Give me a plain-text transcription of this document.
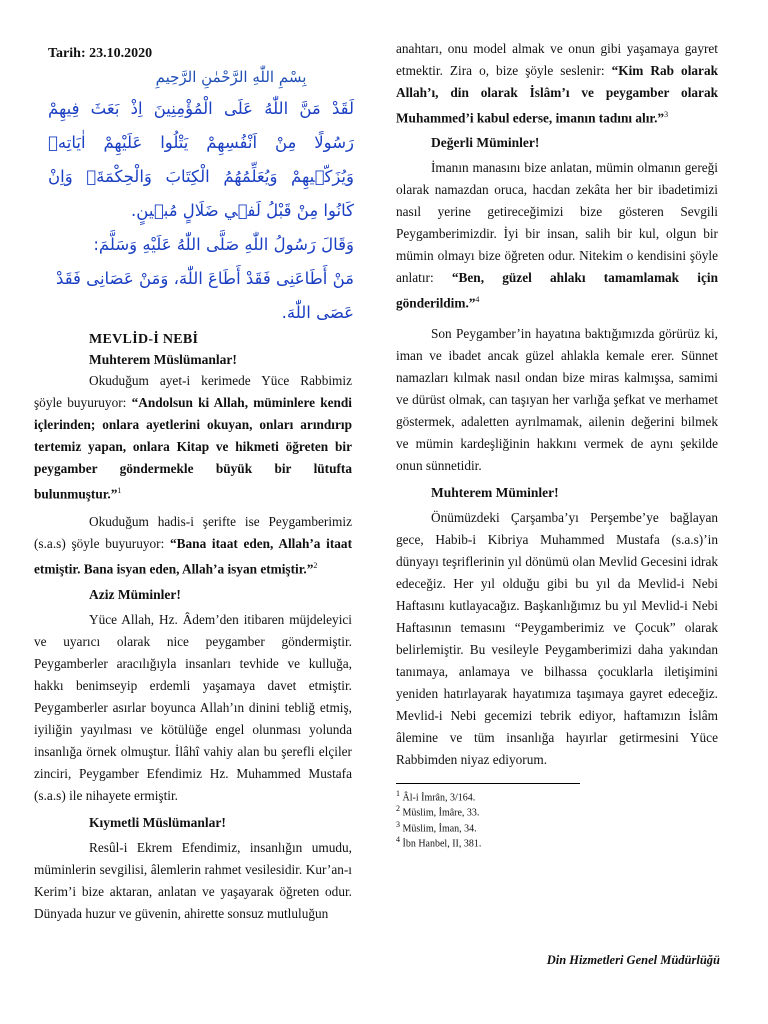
Tarih: 23.10.2020
بِسْمِ اللّٰهِ الرَّحْمٰنِ الرَّحِيمِ

لَقَدْ مَنَّ اللّٰهُ عَلَى الْمُؤْمِنِينَ اِذْ بَعَثَ فِيهِمْ رَسُولًا مِنْ اَنْفُسِهِمْ يَتْلُوا عَلَيْهِمْ اٰيَاتِه۪ وَيُزَكّ۪يهِمْ وَيُعَلِّمُهُمُ الْكِتَابَ وَالْحِكْمَةَۚ وَاِنْ كَانُوا مِنْ قَبْلُ لَف۪ي ضَلَالٍ مُب۪ينٍ.

وَقَالَ رَسُولُ اللّٰهِ صَلَّى اللّٰهُ عَلَيْهِ وَسَلَّمَ:

مَنْ أَطَاعَنِى فَقَدْ أَطَاعَ اللّٰهَ، وَمَنْ عَصَانِى فَقَدْ عَصَى اللّٰهَ.

MEVLİD-İ NEBİ
Muhterem Müslümanlar!

Okuduğum ayet-i kerimede Yüce Rabbimiz şöyle buyuruyor: “Andolsun ki Allah, müminlere kendi içlerinden; onlara ayetlerini okuyan, onları arındırıp tertemiz yapan, onlara Kitap ve hikmeti öğreten bir peygamber göndermekle büyük bir lütufta bulunmuştur.”$^1$

Okuduğum hadis-i şerifte ise Peygamberimiz (s.a.s) şöyle buyuruyor: “Bana itaat eden, Allah’a itaat etmiştir. Bana isyan eden, Allah’a isyan etmiştir.”$^2$

Aziz Müminler!

Yüce Allah, Hz. Âdem’den itibaren müjdeleyici ve uyarıcı olarak nice peygamber göndermiştir. Peygamberler aracılığıyla insanları tevhide ve kulluğa, hakkı benimseyip erdemli yaşamaya davet etmiştir. Peygamberler asırlar boyunca Allah’ın dinini tebliğ etmiş, iyiliğin yayılması ve kötülüğe engel olunması yolunda insanlığa örnek olmuştur. İlâhî vahiy alan bu şerefli elçiler zinciri, Peygamber Efendimiz Hz. Muhammed Mustafa (s.a.s) ile nihayete ermiştir.

Kıymetli Müslümanlar!

Resûl-i Ekrem Efendimiz, insanlığın umudu, müminlerin sevgilisi, âlemlerin rahmet vesilesidir. Kur’an-ı Kerim’i bize aktaran, anlatan ve yaşayarak öğreten odur. Dünyada huzur ve güvenin, ahirette sonsuz mutluluğun

anahtarı, onu model almak ve onun gibi yaşamaya gayret etmektir. Zira o, bize şöyle seslenir: “Kim Rab olarak Allah’ı, din olarak İslâm’ı ve peygamber olarak Muhammed’i kabul ederse, imanın tadını alır.”$^3$

Değerli Müminler!

İmanın manasını bize anlatan, mümin olmanın gereği olarak namazdan oruca, hacdan zekâta her bir ibadetimizi nasıl yerine getireceğimizi bize gösteren Sevgili Peygamberimizdir. İyi bir insan, salih bir kul, olgun bir mümin olmayı bize öğreten odur. Nitekim o kendisini şöyle anlatır: “Ben, güzel ahlakı tamamlamak için gönderildim.”$^4$

Son Peygamber’in hayatına baktığımızda görürüz ki, iman ve ibadet ancak güzel ahlakla kemale erer. Sünnet namazları kılmak nasıl ondan bize miras kalmışsa, samimi ve dürüst olmak, can taşıyan her varlığa şefkat ve merhamet göstermek, adaletten ayrılmamak, ailenin değerini bilmek ve mümin kardeşliğinin hakkını vermek de aynı şekilde onun sünnetidir.

Muhterem Müminler!

Önümüzdeki Çarşamba’yı Perşembe’ye bağlayan gece, Habib-i Kibriya Muhammed Mustafa (s.a.s)’in dünyayı teşriflerinin yıl dönümü olan Mevlid Gecesini idrak edeceğiz. Her yıl olduğu gibi bu yıl da Mevlid-i Nebi Haftasını kutlayacağız. Başkanlığımız bu yıl Mevlid-i Nebi Haftasının temasını “Peygamberimiz ve Çocuk” olarak belirlemiştir. Bu vesileyle Peygamberimizi daha yakından tanımaya, anlamaya ve bilhassa çocuklarla iletişimini yeniden hatırlayarak hayatımıza taşımaya gayret edeceğiz. Mevlid-i Nebi gecemizi tebrik ediyor, haftamızın İslâm âlemine ve tüm insanlığa hayırlar getirmesini Yüce Rabbimden niyaz ediyorum.

$^1$ Âl-i İmrân, 3/164.

$^2$ Müslim, İmâre, 33.

$^3$ Müslim, İman, 34.

$^4$ İbn Hanbel, II, 381.

Din Hizmetleri Genel Müdürlüğü
